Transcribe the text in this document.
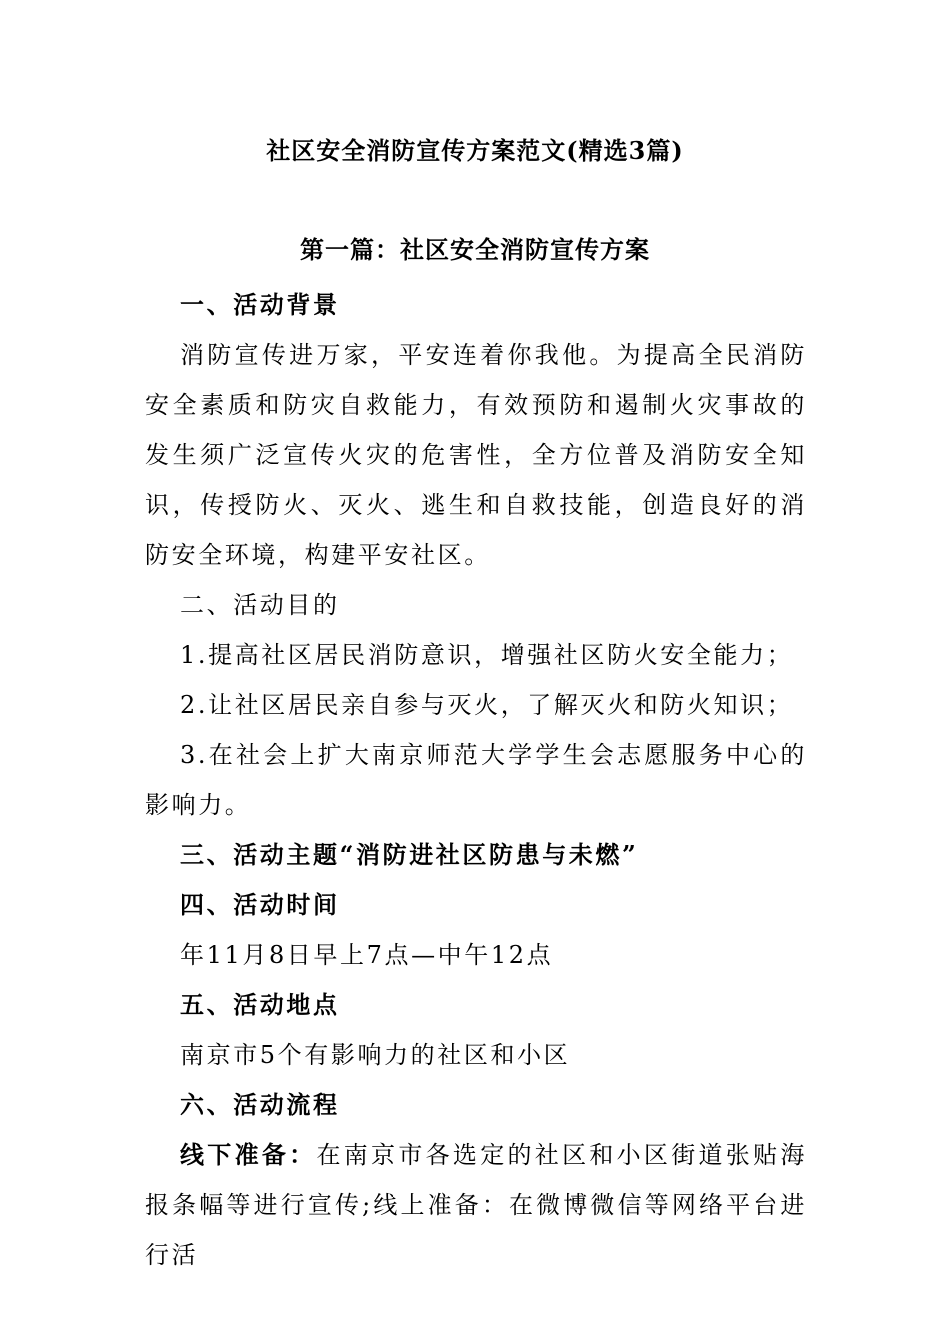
社区安全消防宣传方案范文(精选3篇)
第一篇：社区安全消防宣传方案

一、活动背景

消防宣传进万家，平安连着你我他。为提高全民消防安全素质和防灾自救能力，有效预防和遏制火灾事故的发生须广泛宣传火灾的危害性，全方位普及消防安全知识，传授防火、灭火、逃生和自救技能，创造良好的消防安全环境，构建平安社区。

二、活动目的

1.提高社区居民消防意识，增强社区防火安全能力；

2.让社区居民亲自参与灭火，了解灭火和防火知识；

3.在社会上扩大南京师范大学学生会志愿服务中心的影响力。

三、活动主题“消防进社区防患与未燃”

四、活动时间

年11月8日早上7点—中午12点

五、活动地点

南京市5个有影响力的社区和小区

六、活动流程

线下准备：在南京市各选定的社区和小区街道张贴海报条幅等进行宣传;线上准备：在微博微信等网络平台进行活
